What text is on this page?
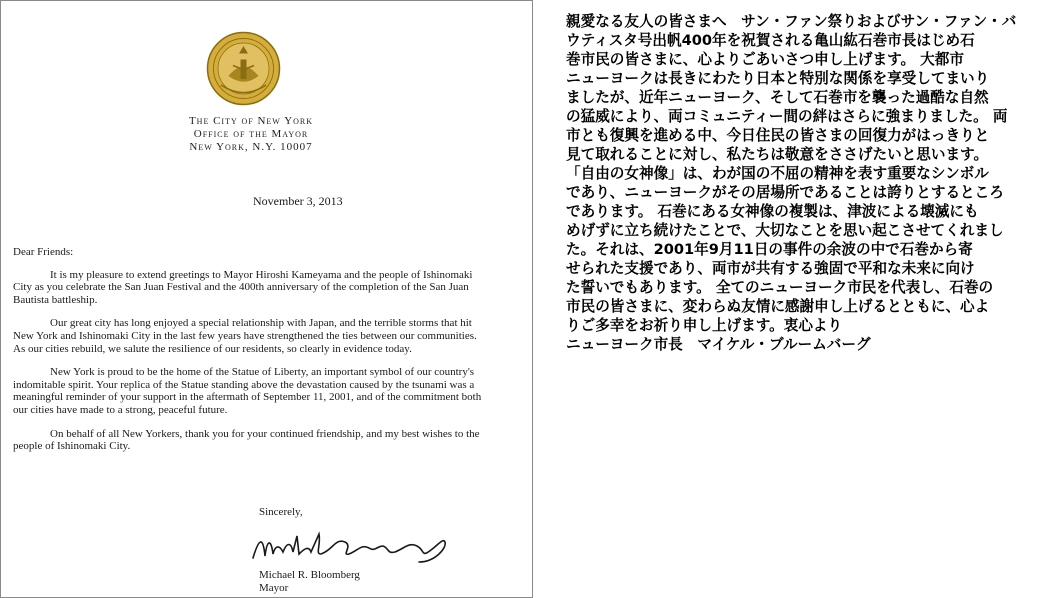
The City of New York
Office of the Mayor
New York, N.Y. 10007
November 3, 2013

Dear Friends:

It is my pleasure to extend greetings to Mayor Hiroshi Kameyama and the people of Ishinomaki City as you celebrate the San Juan Festival and the 400th anniversary of the completion of the San Juan Bautista battleship.

Our great city has long enjoyed a special relationship with Japan, and the terrible storms that hit New York and Ishinomaki City in the last few years have strengthened the ties between our communities. As our cities rebuild, we salute the resilience of our residents, so clearly in evidence today.

New York is proud to be the home of the Statue of Liberty, an important symbol of our country's indomitable spirit. Your replica of the Statue standing above the devastation caused by the tsunami was a meaningful reminder of your support in the aftermath of September 11, 2001, and of the commitment both our cities have made to a strong, peaceful future.

On behalf of all New Yorkers, thank you for your continued friendship, and my best wishes to the people of Ishinomaki City.

Sincerely,
Michael R. Bloomberg
Mayor
親愛なる友人の皆さまへ　サン・ファン祭りおよびサン・ファン・バ
ウティスタ号出帆400年を祝賀される亀山紘石巻市長はじめ石
巻市民の皆さまに、心よりごあいさつ申し上げます。 大都市
ニューヨークは長きにわたり日本と特別な関係を享受してまいり
ましたが、近年ニューヨーク、そして石巻市を襲った過酷な自然
の猛威により、両コミュニティー間の絆はさらに強まりました。 両
市とも復興を進める中、今日住民の皆さまの回復力がはっきりと
見て取れることに対し、私たちは敬意をささげたいと思います。
「自由の女神像」は、わが国の不屈の精神を表す重要なシンボル
であり、ニューヨークがその居場所であることは誇りとするところ
であります。 石巻にある女神像の複製は、津波による壊滅にも
めげずに立ち続けたことで、大切なことを思い起こさせてくれまし
た。それは、2001年9月11日の事件の余波の中で石巻から寄
せられた支援であり、両市が共有する強固で平和な未来に向け
た誓いでもあります。 全てのニューヨーク市民を代表し、石巻の
市民の皆さまに、変わらぬ友情に感謝申し上げるとともに、心よ
りご多幸をお祈り申し上げます。衷心より
ニューヨーク市長　マイケル・ブルームバーグ
